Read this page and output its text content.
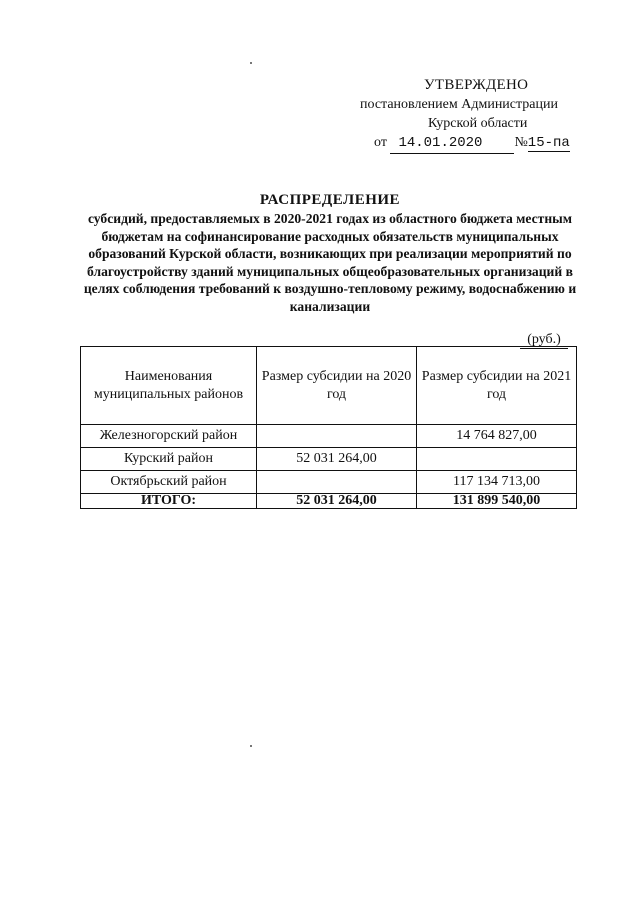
УТВЕРЖДЕНО
постановлением Администрации
Курской области
от 14.01.2020 №15-па
РАСПРЕДЕЛЕНИЕ
субсидий, предоставляемых в 2020-2021 годах из областного бюджета местным бюджетам на софинансирование расходных обязательств муниципальных образований Курской области, возникающих при реализации мероприятий по благоустройству зданий муниципальных общеобразовательных организаций в целях соблюдения требований к воздушно-тепловому режиму, водоснабжению и канализации
(руб.)
Наименования муниципальных районов	Размер субсидии на 2020 год	Размер субсидии на 2021 год
Железногорский район		14 764 827,00
Курский район	52 031 264,00	
Октябрьский район		117 134 713,00
ИТОГО:	52 031 264,00	131 899 540,00
